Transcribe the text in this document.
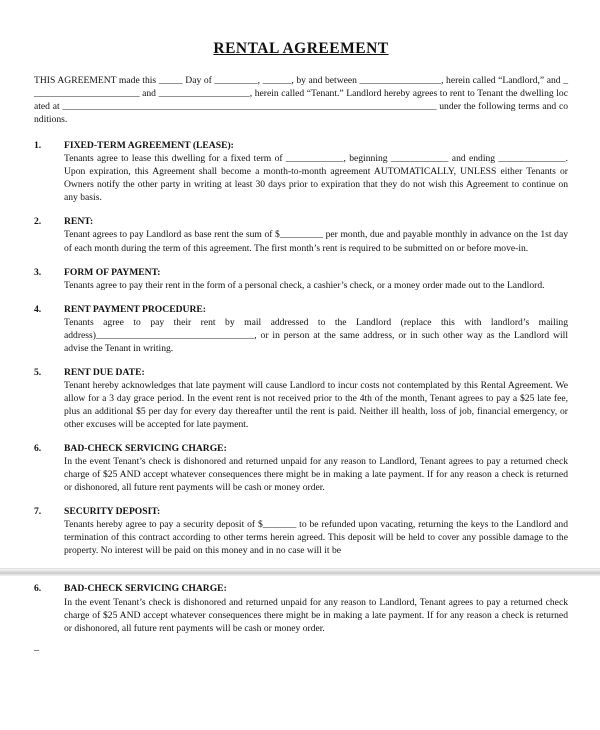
RENTAL AGREEMENT
THIS AGREEMENT made this _____ Day of _________, ______, by and between _________________, herein called “Landlord,” and _______________________ and ___________________, herein called “Tenant.” Landlord hereby agrees to rent to Tenant the dwelling located at ______________________________________________________________________________ under the following terms and conditions.
1.	FIXED-TERM AGREEMENT (LEASE):
Tenants agree to lease this dwelling for a fixed term of ____________, beginning ____________ and ending ______________. Upon expiration, this Agreement shall become a month-to-month agreement AUTOMATICALLY, UNLESS either Tenants or Owners notify the other party in writing at least 30 days prior to expiration that they do not wish this Agreement to continue on any basis.
2.	RENT:
Tenant agrees to pay Landlord as base rent the sum of $_________ per month, due and payable monthly in advance on the 1st day of each month during the term of this agreement. The first month’s rent is required to be submitted on or before move-in.
3.	FORM OF PAYMENT:
Tenants agree to pay their rent in the form of a personal check, a cashier’s check, or a money order made out to the Landlord.
4.	RENT PAYMENT PROCEDURE:
Tenants agree to pay their rent by mail addressed to the Landlord (replace this with landlord’s mailing address)_________________________________, or in person at the same address, or in such other way as the Landlord will advise the Tenant in writing.
5.	RENT DUE DATE:
Tenant hereby acknowledges that late payment will cause Landlord to incur costs not contemplated by this Rental Agreement. We allow for a 3 day grace period. In the event rent is not received prior to the 4th of the month, Tenant agrees to pay a $25 late fee, plus an additional $5 per day for every day thereafter until the rent is paid. Neither ill health, loss of job, financial emergency, or other excuses will be accepted for late payment.
6.	BAD-CHECK SERVICING CHARGE:
In the event Tenant’s check is dishonored and returned unpaid for any reason to Landlord, Tenant agrees to pay a returned check charge of $25 AND accept whatever consequences there might be in making a late payment. If for any reason a check is returned or dishonored, all future rent payments will be cash or money order.
7.	SECURITY DEPOSIT:
Tenants hereby agree to pay a security deposit of $_______ to be refunded upon vacating, returning the keys to the Landlord and termination of this contract according to other terms herein agreed. This deposit will be held to cover any possible damage to the property. No interest will be paid on this money and in no case will it be
6.	BAD-CHECK SERVICING CHARGE:
In the event Tenant’s check is dishonored and returned unpaid for any reason to Landlord, Tenant agrees to pay a returned check charge of $25 AND accept whatever consequences there might be in making a late payment. If for any reason a check is returned or dishonored, all future rent payments will be cash or money order.
–
